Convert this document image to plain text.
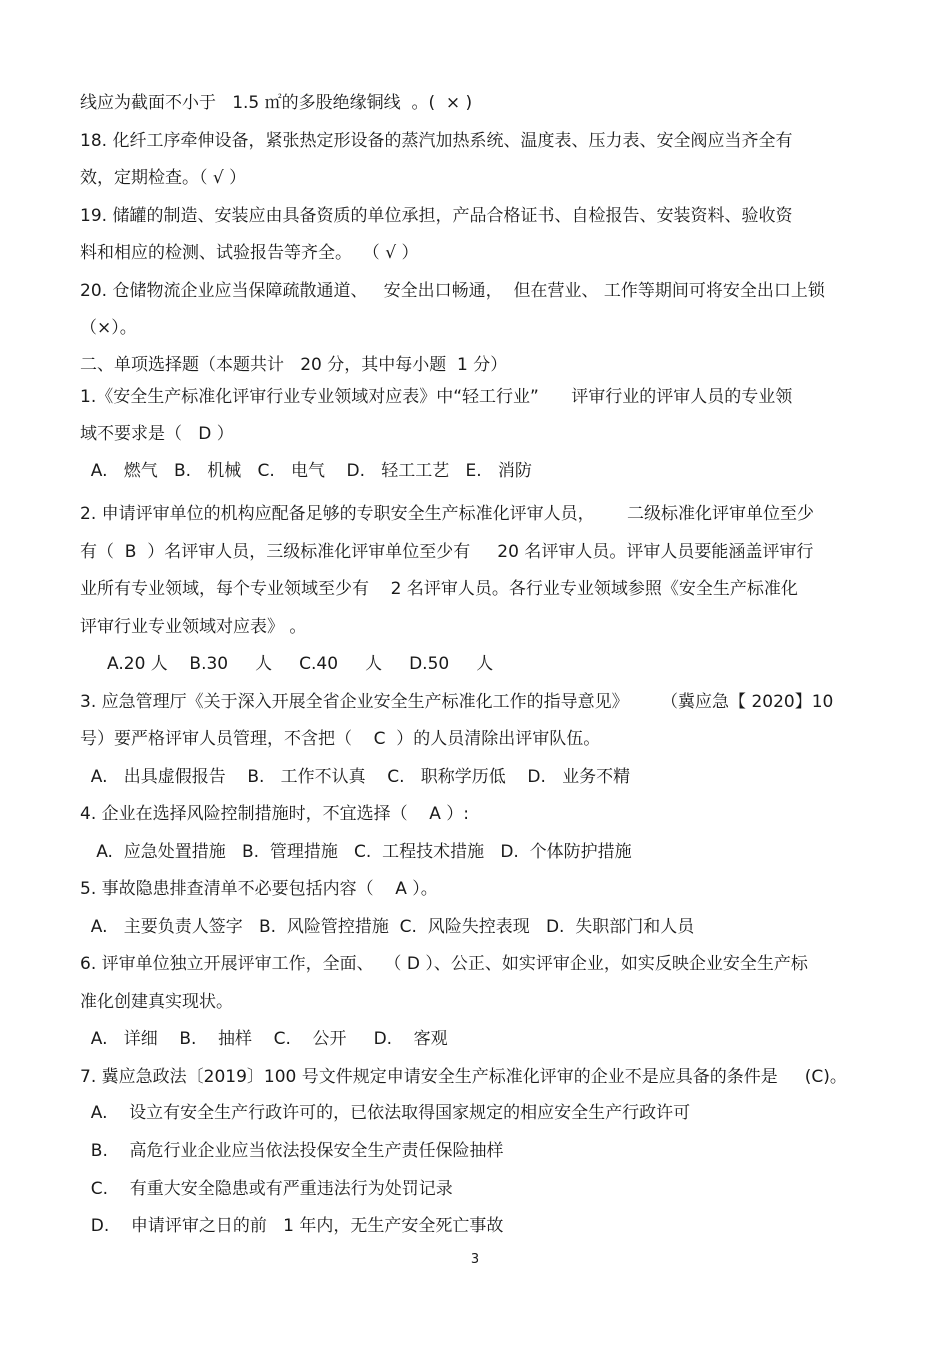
线应为截面不小于   1.5 ㎡的多股绝缘铜线  。(  × )
18. 化纤工序牵伸设备，紧张热定形设备的蒸汽加热系统、温度表、压力表、安全阀应当齐全有
效，定期检查。（ √ ）
19. 储罐的制造、安装应由具备资质的单位承担，产品合格证书、自检报告、安装资料、验收资
料和相应的检测、试验报告等齐全。  （ √ ）
20. 仓储物流企业应当保障疏散通道、   安全出口畅通，  但在营业、 工作等期间可将安全出口上锁
（×）。
二、单项选择题（本题共计   20 分，其中每小题  1 分）
1.《安全生产标准化评审行业专业领域对应表》中“轻工行业”      评审行业的评审人员的专业领
域不要求是（   D ）
A.   燃气   B.   机械   C.   电气    D.   轻工工艺   E.   消防
2. 申请评审单位的机构应配备足够的专职安全生产标准化评审人员，      二级标准化评审单位至少
有（  B  ）名评审人员，三级标准化评审单位至少有     20 名评审人员。评审人员要能涵盖评审行
业所有专业领域，每个专业领域至少有    2 名评审人员。各行业专业领域参照《安全生产标准化
评审行业专业领域对应表》 。
A.20 人    B.30     人     C.40     人     D.50     人
3. 应急管理厅《关于深入开展全省企业安全生产标准化工作的指导意见》      （冀应急【 2020】10
号）要严格评审人员管理，不含把（    C  ）的人员清除出评审队伍。
A.   出具虚假报告    B.   工作不认真    C.   职称学历低    D.   业务不精
4. 企业在选择风险控制措施时，不宜选择（    A ）:
A.  应急处置措施   B.  管理措施   C.  工程技术措施   D.  个体防护措施
5. 事故隐患排查清单不必要包括内容（    A ）。
A.   主要负责人签字   B.  风险管控措施  C.  风险失控表现   D.  失职部门和人员
6. 评审单位独立开展评审工作，全面、  （ D ）、公正、如实评审企业，如实反映企业安全生产标
准化创建真实现状。
A.   详细    B.    抽样    C.    公开     D.    客观
7. 冀应急政法〔2019〕100 号文件规定申请安全生产标准化评审的企业不是应具备的条件是     (C)。
A.    设立有安全生产行政许可的，已依法取得国家规定的相应安全生产行政许可
B.    高危行业企业应当依法投保安全生产责任保险抽样
C.    有重大安全隐患或有严重违法行为处罚记录
D.    申请评审之日的前   1 年内，无生产安全死亡事故
3
